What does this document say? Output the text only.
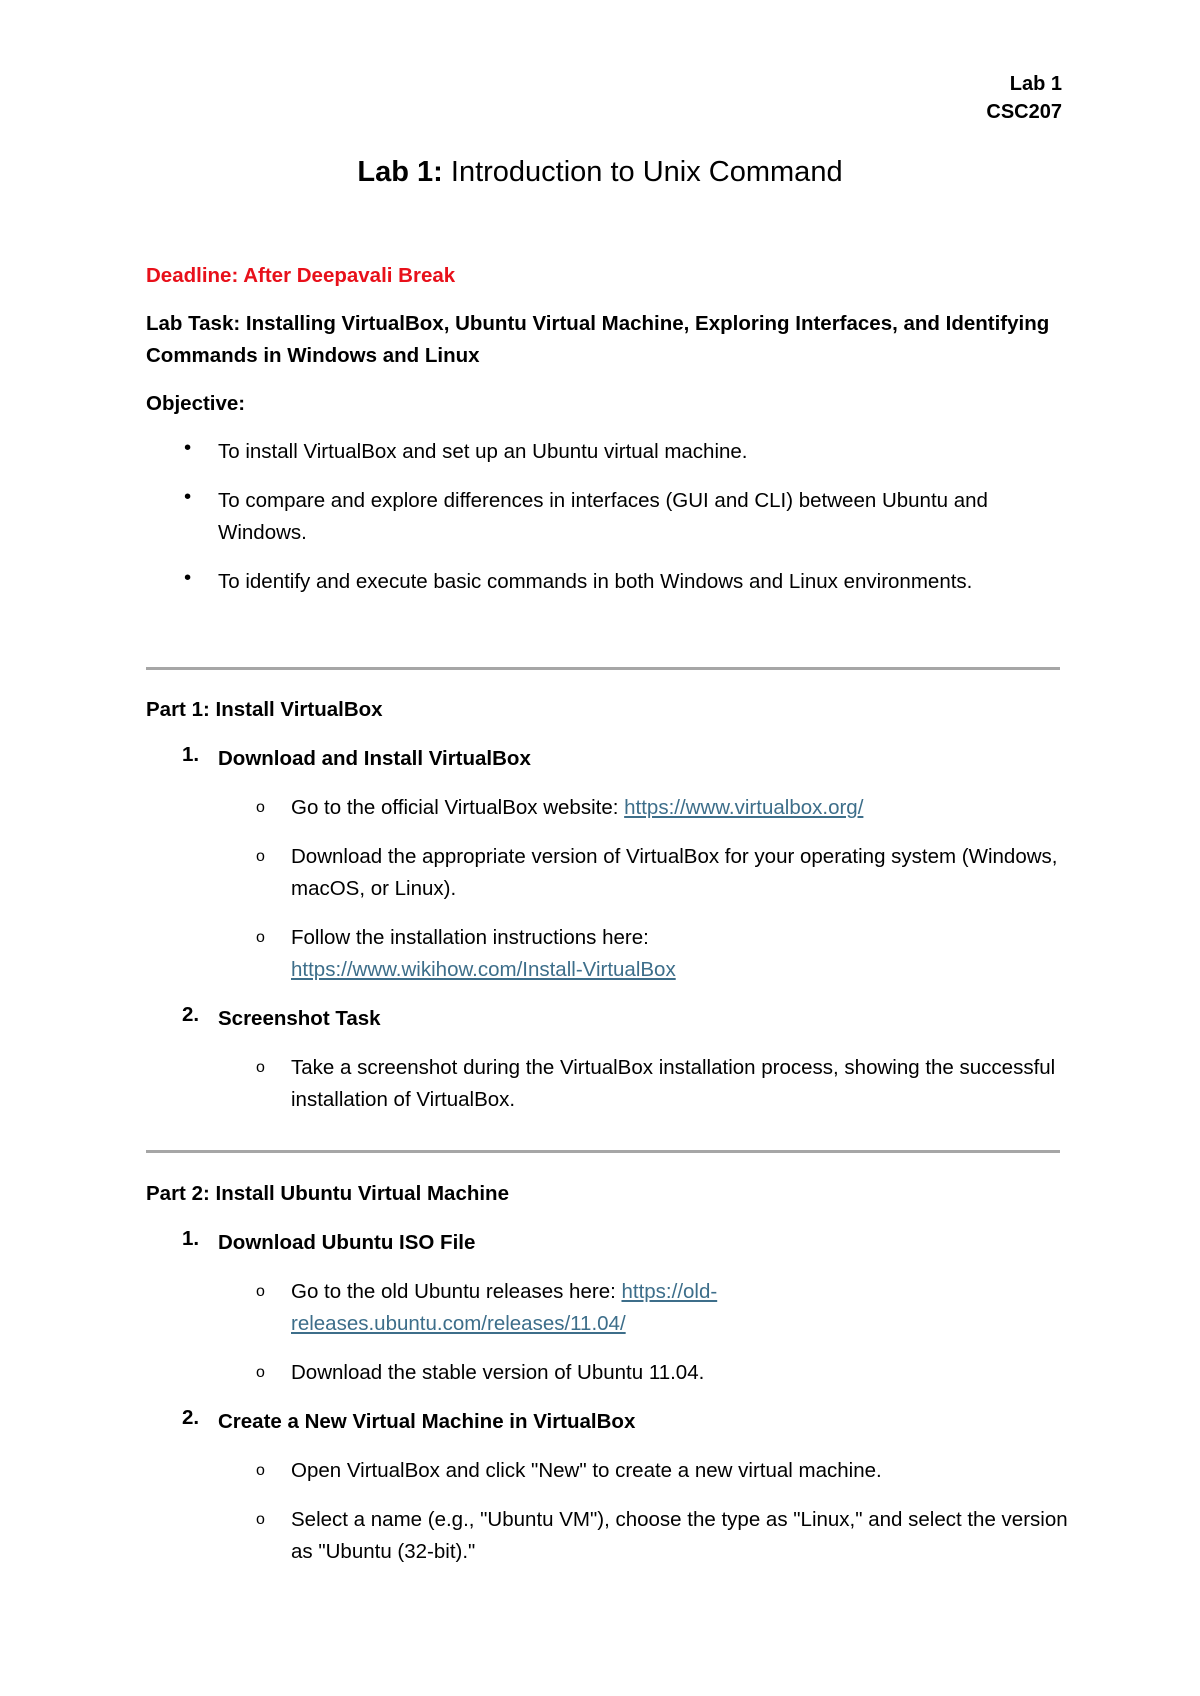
Lab 1
CSC207
Lab 1: Introduction to Unix Command
Deadline: After Deepavali Break
Lab Task: Installing VirtualBox, Ubuntu Virtual Machine, Exploring Interfaces, and Identifying Commands in Windows and Linux
Objective:
• To install VirtualBox and set up an Ubuntu virtual machine.
• To compare and explore differences in interfaces (GUI and CLI) between Ubuntu and Windows.
• To identify and execute basic commands in both Windows and Linux environments.
Part 1: Install VirtualBox
1. Download and Install VirtualBox
o Go to the official VirtualBox website: https://www.virtualbox.org/
o Download the appropriate version of VirtualBox for your operating system (Windows, macOS, or Linux).
o Follow the installation instructions here:
https://www.wikihow.com/Install-VirtualBox
2. Screenshot Task
o Take a screenshot during the VirtualBox installation process, showing the successful installation of VirtualBox.
Part 2: Install Ubuntu Virtual Machine
1. Download Ubuntu ISO File
o Go to the old Ubuntu releases here: https://old-
releases.ubuntu.com/releases/11.04/
o Download the stable version of Ubuntu 11.04.
2. Create a New Virtual Machine in VirtualBox
o Open VirtualBox and click "New" to create a new virtual machine.
o Select a name (e.g., "Ubuntu VM"), choose the type as "Linux," and select the version as "Ubuntu (32-bit)."
